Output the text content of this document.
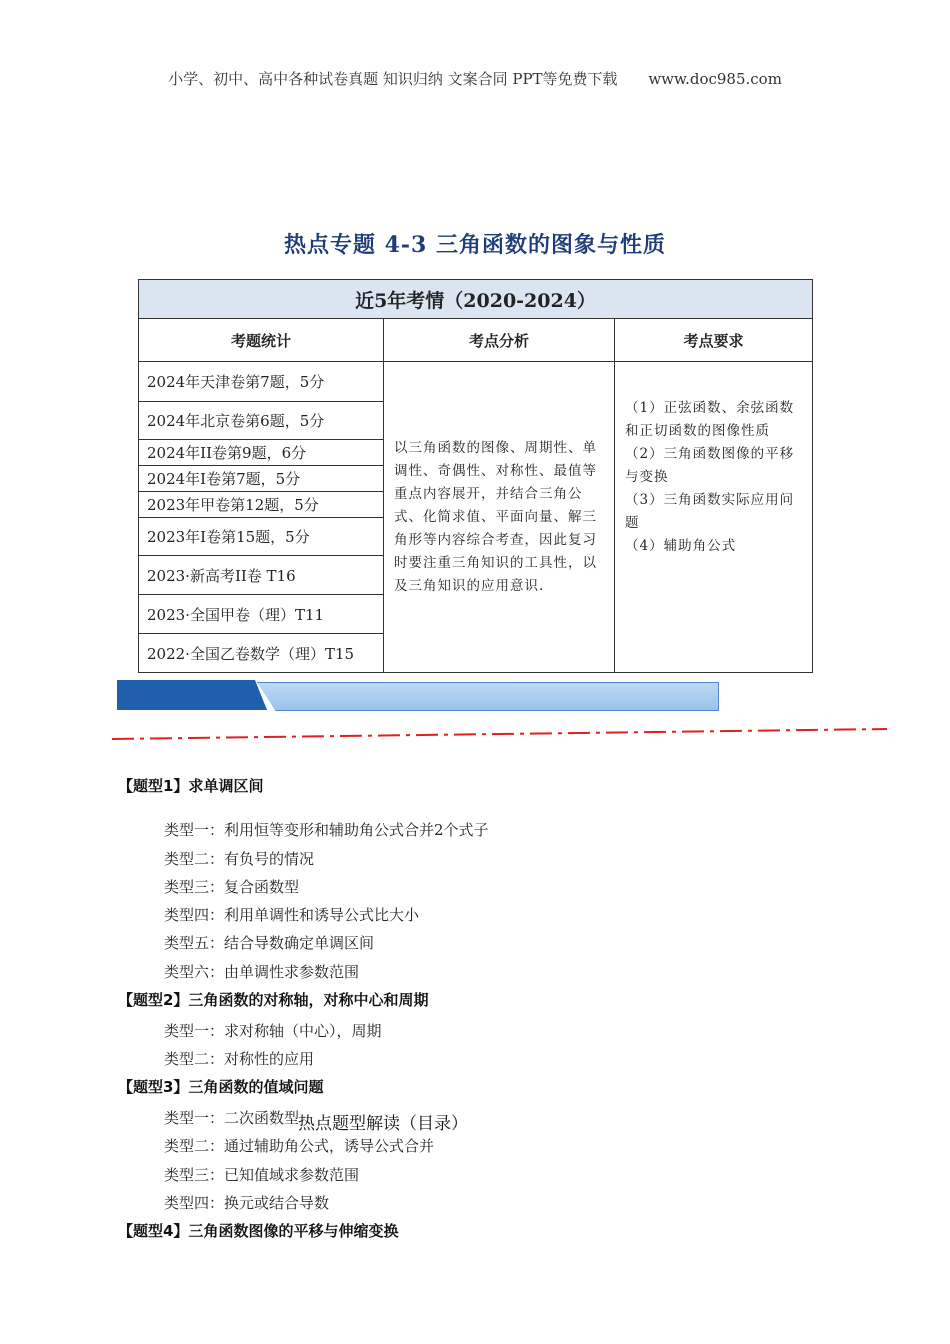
小学、初中、高中各种试卷真题 知识归纳 文案合同 PPT等免费下载 www.doc985.com
热点专题 4-3 三角函数的图象与性质
近5年考情（2020-2024）		
考题统计	考点分析	考点要求
2024年天津卷第7题，5分	以三角函数的图像、周期性、单调性、奇偶性、对称性、最值等重点内容展开，并结合三角公式、化简求值、平面向量、解三角形等内容综合考查，因此复习时要注重三角知识的工具性，以及三角知识的应用意识.	（1）正弦函数、余弦函数和正切函数的图像性质
（2）三角函数图像的平移与变换
（3）三角函数实际应用问题
（4）辅助角公式

2024年北京卷第6题，5分		
2024年II卷第9题，6分		
2024年I卷第7题，5分		
2023年甲卷第12题，5分		
2023年I卷第15题，5分		
2023·新高考II卷 T16		
2023·全国甲卷（理）T11		
2022·全国乙卷数学（理）T15		
【题型1】求单调区间
类型一：利用恒等变形和辅助角公式合并2个式子
类型二：有负号的情况
类型三：复合函数型
类型四：利用单调性和诱导公式比大小
类型五：结合导数确定单调区间
类型六：由单调性求参数范围
【题型2】三角函数的对称轴，对称中心和周期
类型一：求对称轴（中心），周期
类型二：对称性的应用
【题型3】三角函数的值域问题
类型一：二次函数型
热点题型解读（目录）
类型二：通过辅助角公式，诱导公式合并
类型三：已知值域求参数范围
类型四：换元或结合导数
【题型4】三角函数图像的平移与伸缩变换
